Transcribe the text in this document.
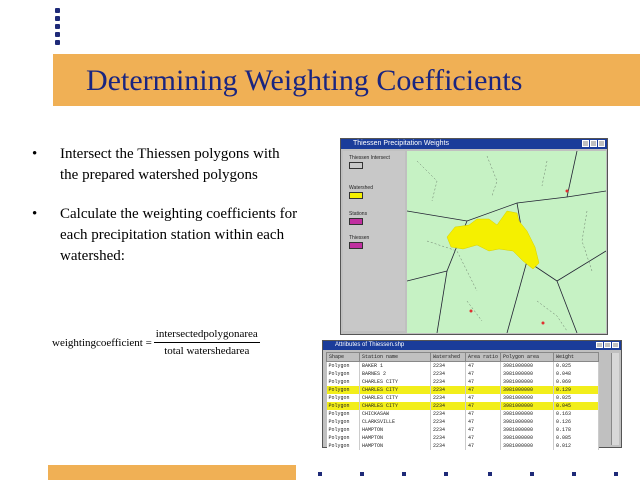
Determining Weighting Coefficients
•	Intersect the Thiessen polygons with the prepared watershed polygons
•	Calculate the weighting coefficients for each precipitation station within each watershed:
weightingcoefficient = $\frac{\text{intersectedpolygonarea}}{\text{total watershedarea}}$
Thiessen Precipitation Weights
Thiessen Intersect
Watershed
Stations
Thiessen
Attributes of Thiessen.shp
Shape	Station name	Watershed	Area ratio	Polygon area	Weight
Polygon	BAKER 1	2234	47	3981000000	0.025
Polygon	BARNES 2	2234	47	3981000000	0.048
Polygon	CHARLES CITY	2234	47	3981000000	0.069
Polygon	CHARLES CITY	2234	47	3981000000	0.129
Polygon	CHARLES CITY	2234	47	3981000000	0.025
Polygon	CHARLES CITY	2234	47	3981000000	0.045
Polygon	CHICKASAW	2234	47	3981000000	0.163
Polygon	CLARKSVILLE	2234	47	3981000000	0.126
Polygon	HAMPTON	2234	47	3981000000	0.178
Polygon	HAMPTON	2234	47	3981000000	0.085
Polygon	HAMPTON	2234	47	3981000000	0.012
